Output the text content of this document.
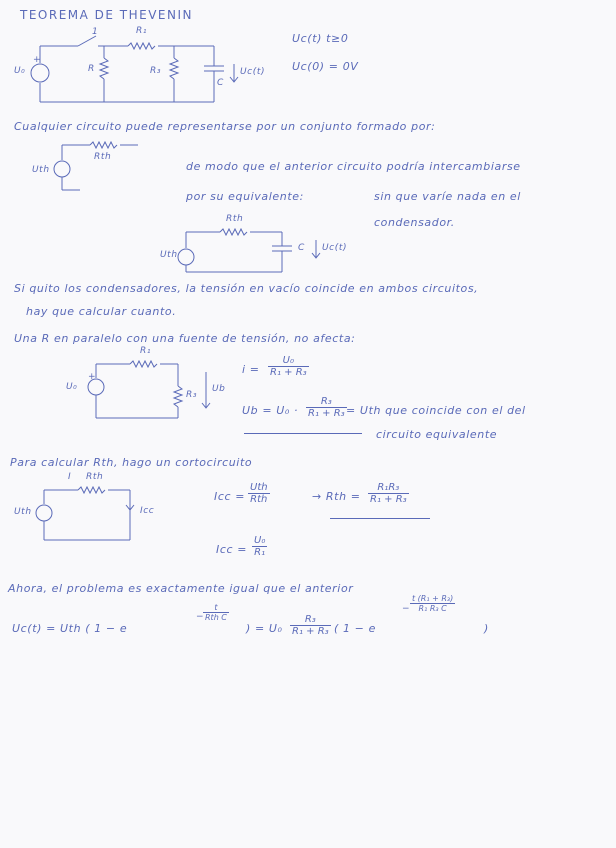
TEOREMA DE THEVENIN
1	R₁
R	R₃
C
U₀
+
Uc(t)
Uc(t) t≥0
Uc(0) = 0V
Cualquier circuito puede representarse por un conjunto formado por:
Rth
Uth	de modo que el anterior circuito podría intercambiarse
por su equivalente:	sin que varíe nada en el
condensador.
Rth
Uth
C Uc(t)
Si quito los condensadores, la tensión en vacío coincide en ambos circuitos,
hay que calcular cuanto.
Una R en paralelo con una fuente de tensión, no afecta:
R₁
R₃
U₀
+
Ub
$i = \frac{\text{U₀}}{\text{R₁ + R₃}}$
$Ub = U_0 \cdot \frac{\text{R₃}}{\text{R₁ + R₃}}$ = Uth que coincide con el del
circuito equivalente
Para calcular Rth, hago un cortocircuito
I Rth
Uth	Icc
Icc =
Uth
Rth	→ Rth = $\frac{\text{R₁R₃}}{\text{R₁ + R₃}}$
Icc = $\frac{\text{U₀}}{\text{R₁}}$
Ahora, el problema es exactamente igual que el anterior
Uc(t) = Uth ( 1 − e
−
t
Rth C
) = $U_0 \frac{\text{R₃}}{\text{R₁ + R₃}}$ ( 1 − e
− $\frac{\text{t (R₁ + R₃)}}{\text{R₁ R₃ C}}$
)
